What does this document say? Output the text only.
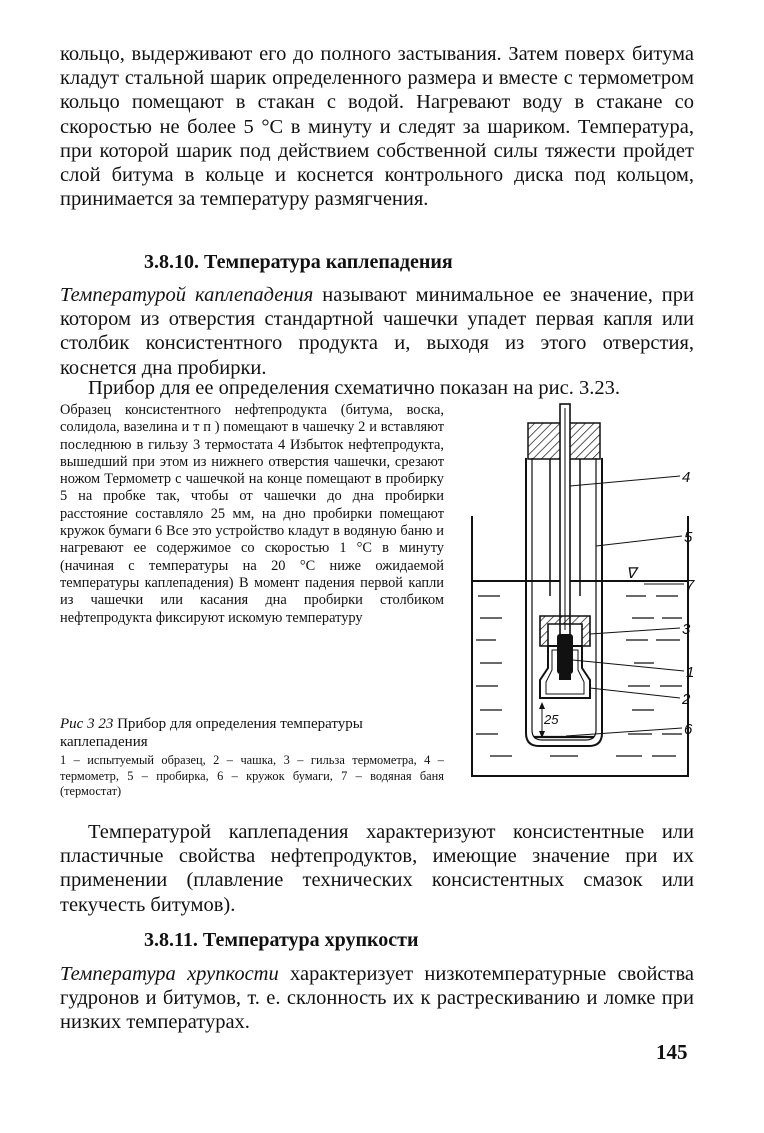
кольцо, выдерживают его до полного застывания. Затем поверх битума кладут стальной шарик определенного размера и вместе с термометром кольцо помещают в стакан с водой. Нагревают воду в стакане со скоростью не более 5 °С в минуту и следят за шариком. Температура, при которой шарик под действием собственной силы тяжести пройдет слой битума в кольце и коснется контрольного диска под кольцом, принимается за температуру размягчения.

3.8.10. Температура каплепадения

Температурой каплепадения называют минимальное ее значение, при котором из отверстия стандартной чашечки упадет первая капля или столбик консистентного продукта и, выходя из этого отверстия, коснется дна пробирки.

Прибор для ее определения схематично показан на рис. 3.23.

Образец консистентного нефтепродукта (битума, воска, солидола, вазелина и т п ) помещают в чашечку 2 и вставляют последнюю в гильзу 3 термостата 4 Избыток нефтепродукта, вышедший при этом из нижнего отверстия чашечки, срезают ножом Термометр с чашечкой на конце помещают в пробирку 5 на пробке так, чтобы от чашечки до дна пробирки расстояние составляло 25 мм, на дно пробирки помещают кружок бумаги 6 Все это устройство кладут в водяную баню и нагревают ее содержимое со скоростью 1 °С в минуту (начиная с температуры на 20 °С ниже ожидаемой температуры каплепадения) В момент падения первой капли из чашечки или касания дна пробирки столбиком нефтепродукта фиксируют искомую температуру

∇
25
4
5
7
3
1
2
6

Рис 3 23 Прибор для определения температуры каплепадения

1 – испытуемый образец, 2 – чашка, 3 – гильза термометра, 4 – термометр, 5 – пробирка, 6 – кружок бумаги, 7 – водяная баня (термостат)

Температурой каплепадения характеризуют консистентные или пластичные свойства нефтепродуктов, имеющие значение при их применении (плавление технических консистентных смазок или текучесть битумов).

3.8.11. Температура хрупкости

Температура хрупкости характеризует низкотемпературные свойства гудронов и битумов, т. е. склонность их к растрескиванию и ломке при низких температурах.

145
